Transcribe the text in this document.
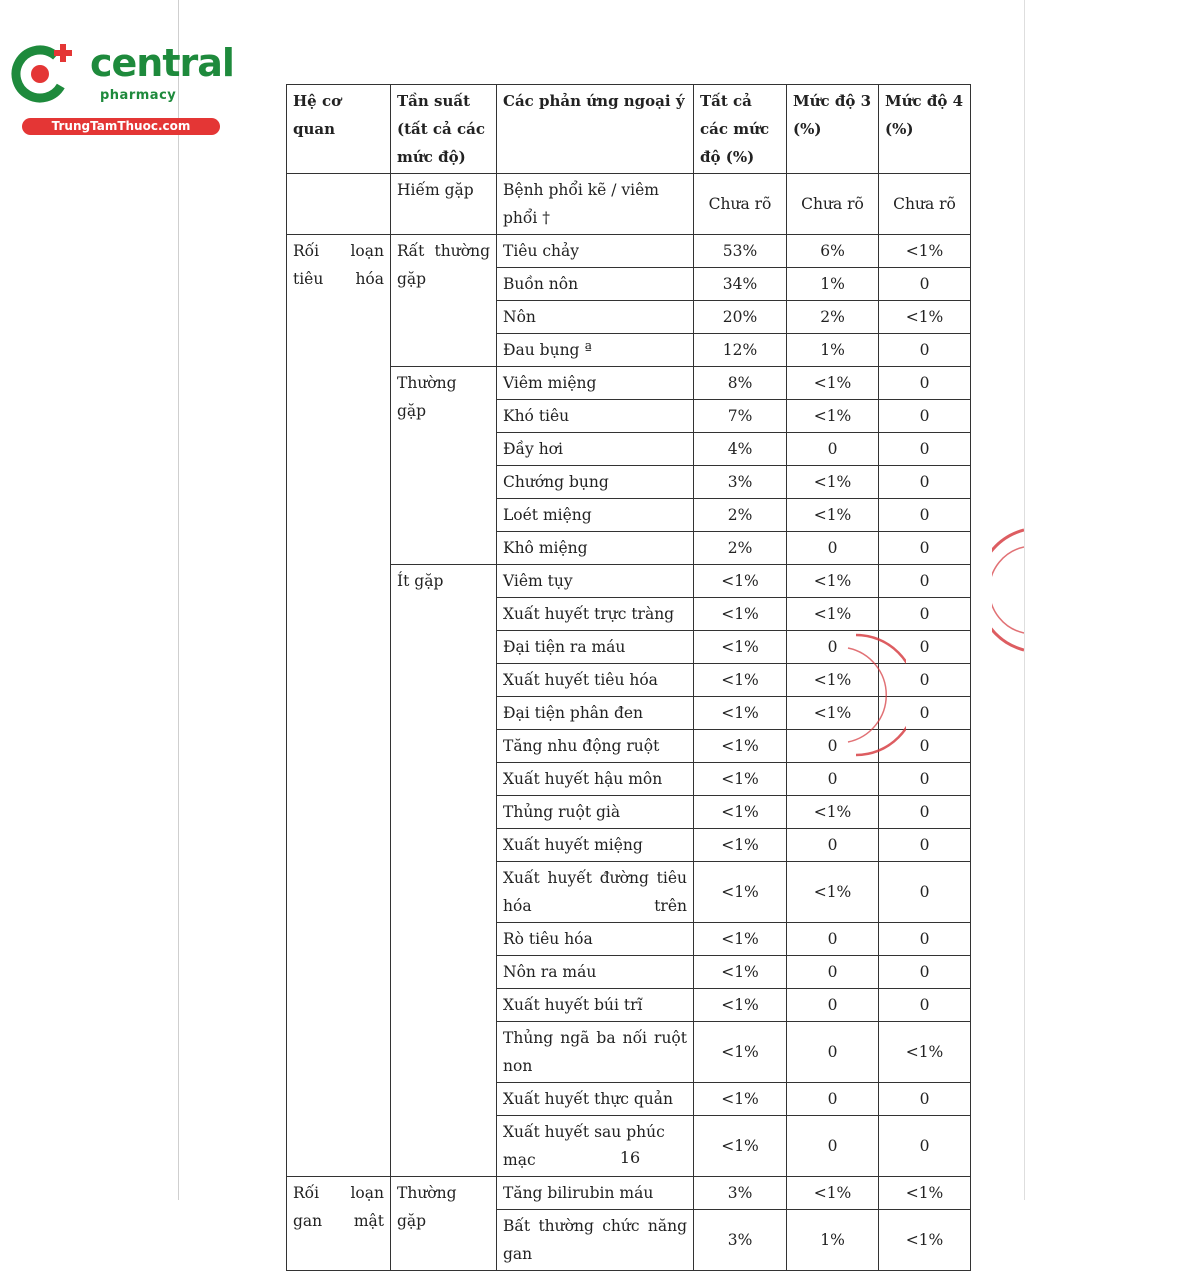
central
pharmacy
TrungTamThuoc.com
Hệ cơ quan	Tần suất (tất cả các mức độ)	Các phản ứng ngoại ý	Tất cả các mức độ (%)	Mức độ 3 (%)	Mức độ 4 (%)
	Hiếm gặp	Bệnh phổi kẽ / viêm phổi †	Chưa rõ	Chưa rõ	Chưa rõ
Rối loạn tiêu hóa	Rất thường gặp	Tiêu chảy	53%	6%	<1%
		Buồn nôn	34%	1%	0
		Nôn	20%	2%	<1%
		Đau bụng ª	12%	1%	0
	Thường gặp	Viêm miệng	8%	<1%	0
		Khó tiêu	7%	<1%	0
		Đầy hơi	4%	0	0
		Chướng bụng	3%	<1%	0
		Loét miệng	2%	<1%	0
		Khô miệng	2%	0	0
	Ít gặp	Viêm tụy	<1%	<1%	0
		Xuất huyết trực tràng	<1%	<1%	0
		Đại tiện ra máu	<1%	0	0
		Xuất huyết tiêu hóa	<1%	<1%	0
		Đại tiện phân đen	<1%	<1%	0
		Tăng nhu động ruột	<1%	0	0
		Xuất huyết hậu môn	<1%	0	0
		Thủng ruột già	<1%	<1%	0
		Xuất huyết miệng	<1%	0	0
		Xuất huyết đường tiêu hóa trên	<1%	<1%	0
		Rò tiêu hóa	<1%	0	0
		Nôn ra máu	<1%	0	0
		Xuất huyết búi trĩ	<1%	0	0
		Thủng ngã ba nối ruột non	<1%	0	<1%
		Xuất huyết thực quản	<1%	0	0
		Xuất huyết sau phúc mạc	<1%	0	0
Rối loạn gan mật	Thường gặp	Tăng bilirubin máu	3%	<1%	<1%
		Bất thường chức năng gan	3%	1%	<1%
16
